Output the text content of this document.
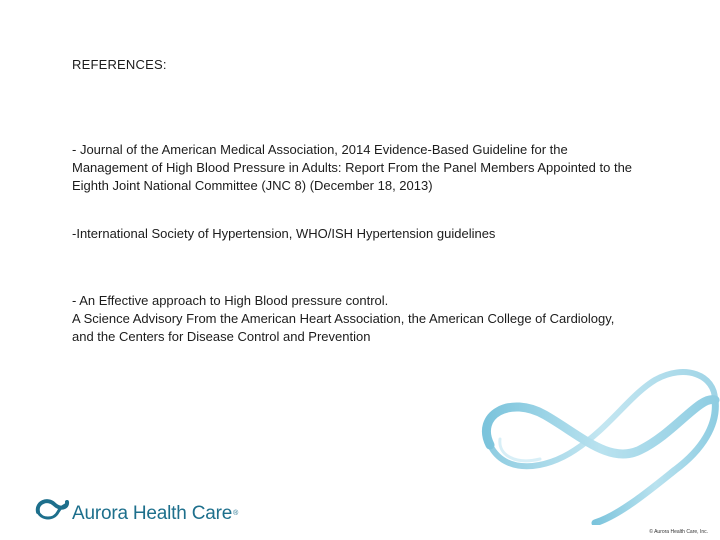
REFERENCES:
- Journal of the American Medical Association, 2014 Evidence-Based Guideline for the
Management of High Blood Pressure in Adults: Report From the Panel Members Appointed to the
Eighth Joint National Committee (JNC 8) (December 18, 2013)
-International Society of Hypertension, WHO/ISH Hypertension guidelines
- An Effective approach to High Blood pressure control.
A Science Advisory From the American Heart Association, the American College of Cardiology,
and the Centers for Disease Control and Prevention
Aurora Health Care®
© Aurora Health Care, Inc.
